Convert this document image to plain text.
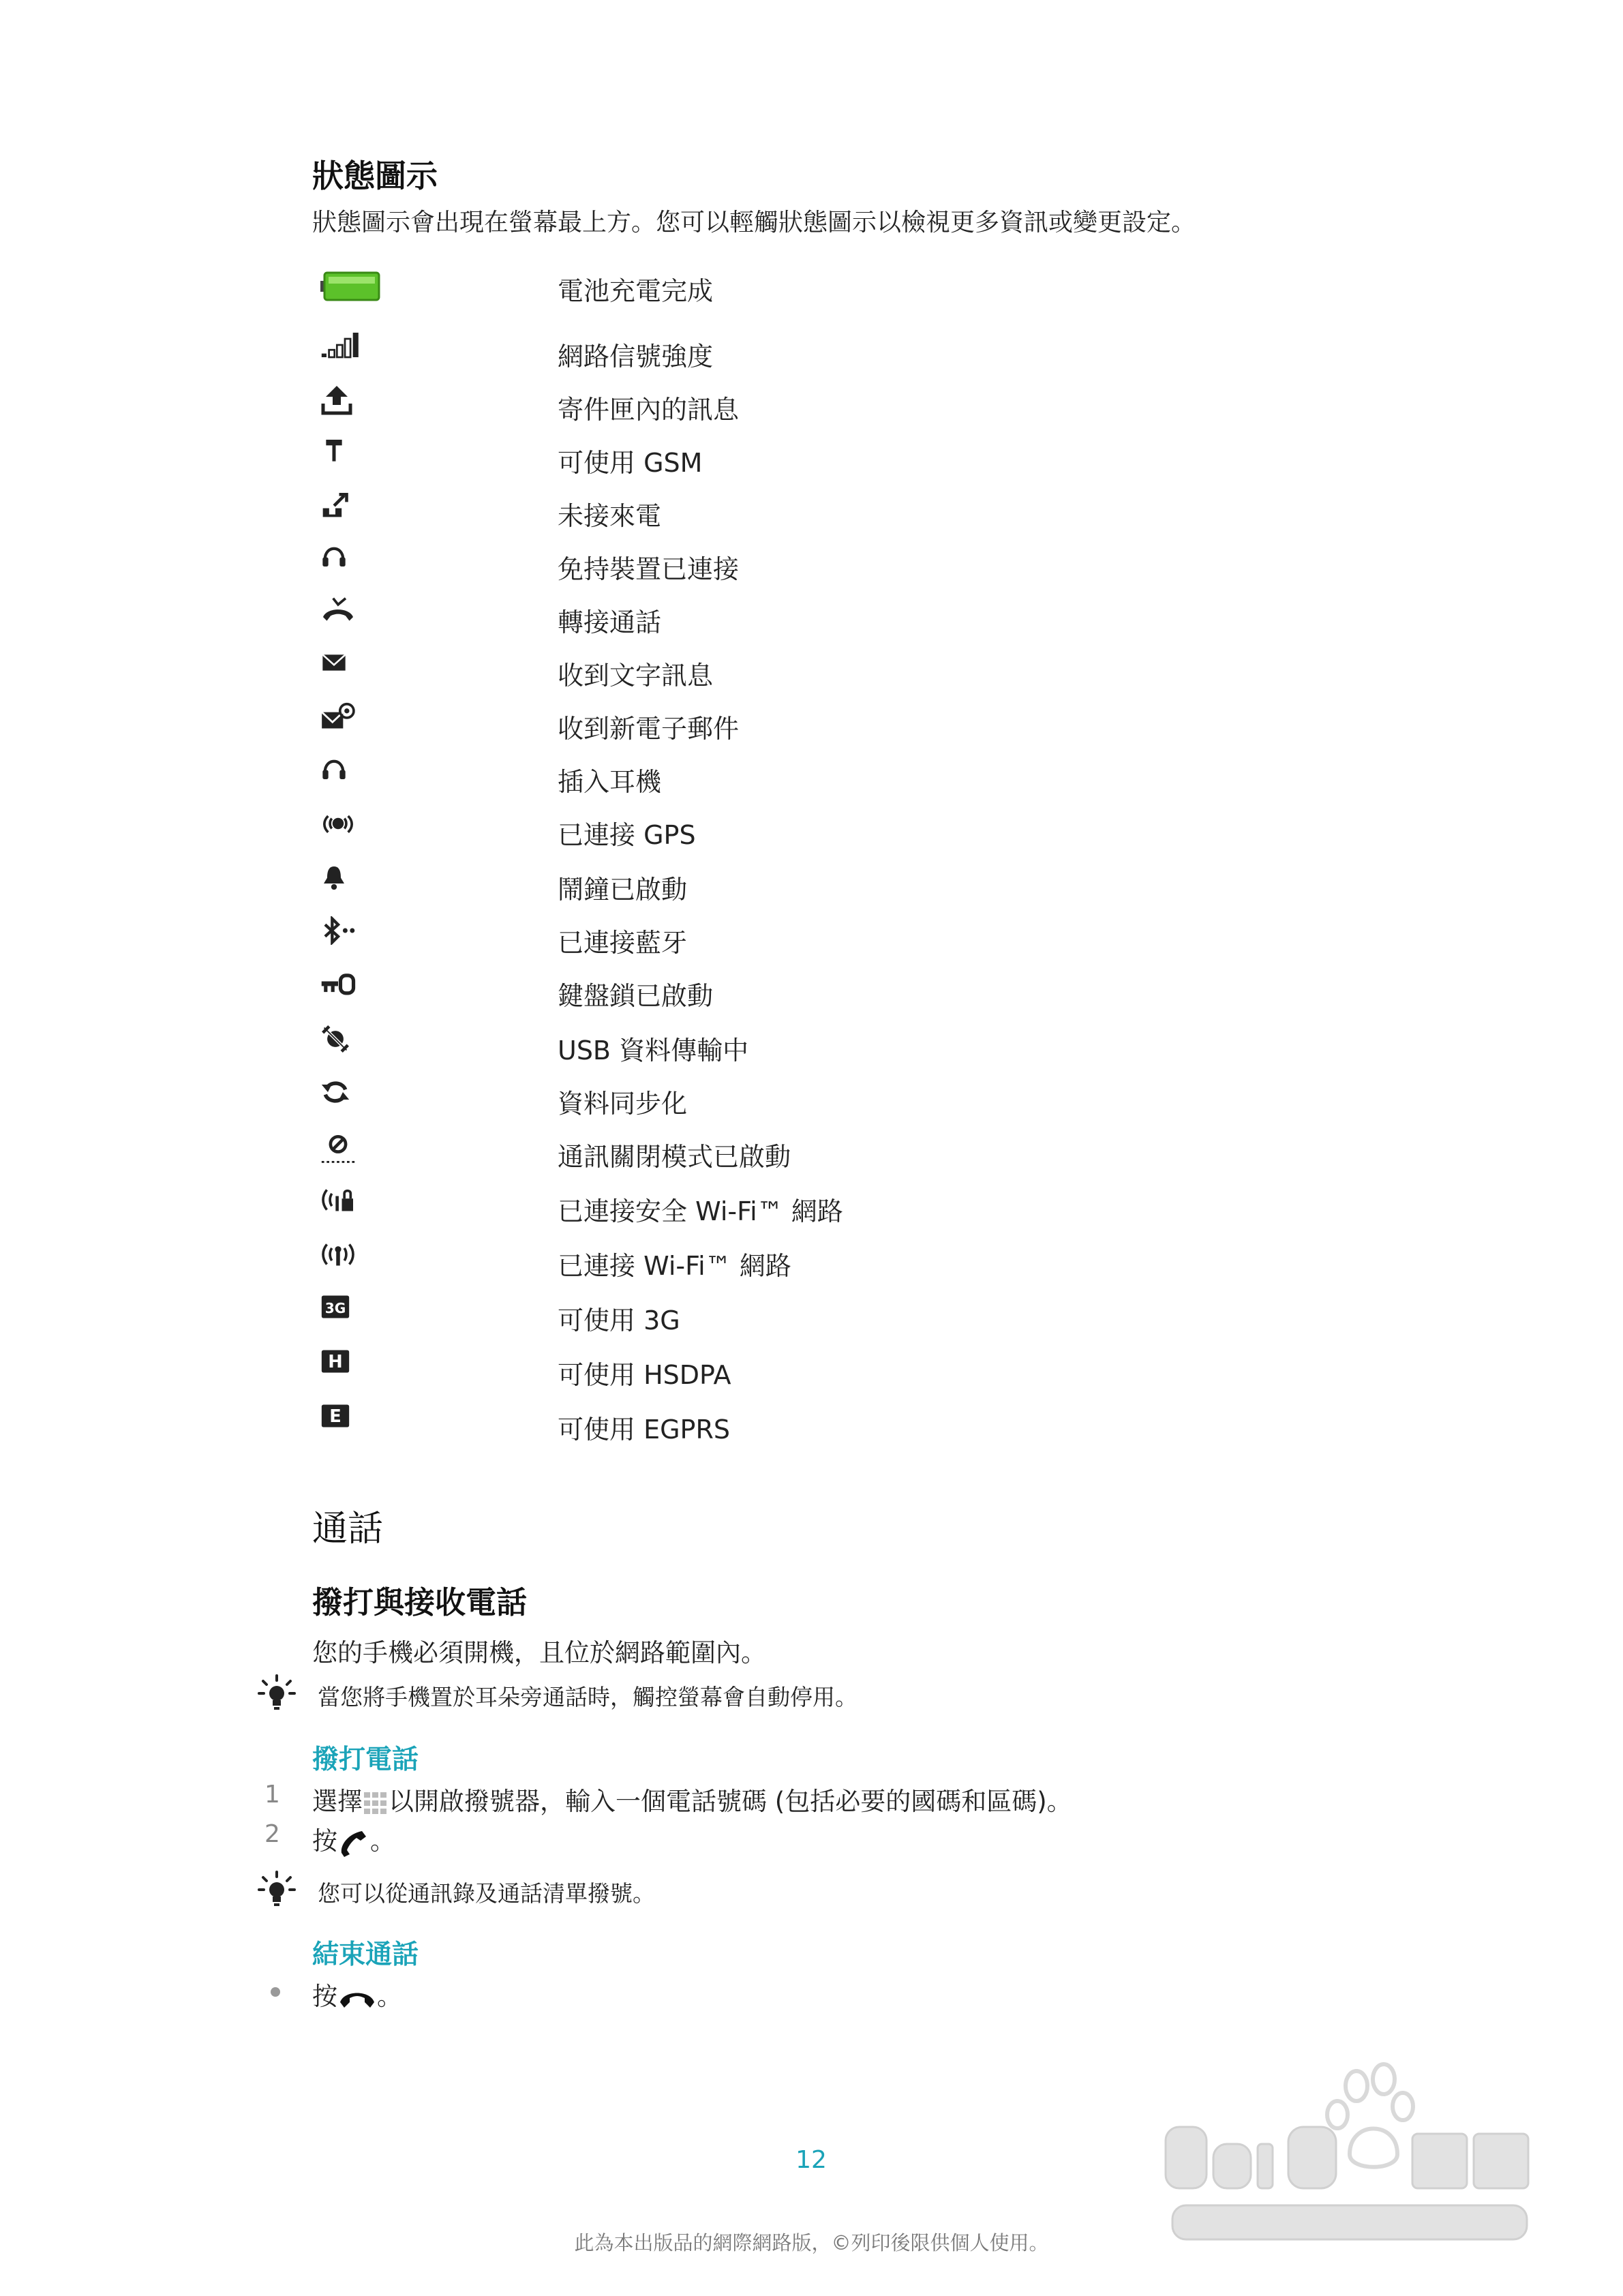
狀態圖示

狀態圖示會出現在螢幕最上方。您可以輕觸狀態圖示以檢視更多資訊或變更設定。

電池充電完成
網路信號強度
寄件匣內的訊息
可使用 GSM
未接來電
免持裝置已連接
轉接通話
收到文字訊息
收到新電子郵件
插入耳機
已連接 GPS
鬧鐘已啟動
已連接藍牙
鍵盤鎖已啟動
USB 資料傳輸中
資料同步化
通訊關閉模式已啟動
已連接安全 Wi-Fi™ 網路
已連接 Wi-Fi™ 網路
3G	可使用 3G
H	可使用 HSDPA
E	可使用 EGPRS
通話
撥打與接收電話

您的手機必須開機，且位於網路範圍內。

當您將手機置於耳朵旁通話時，觸控螢幕會自動停用。
撥打電話
1	選擇 以開啟撥號器，輸入一個電話號碼 (包括必要的國碼和區碼)。
2	按 。
您可以從通訊錄及通話清單撥號。
結束通話
按 。
12
此為本出版品的網際網路版，©列印後限供個人使用。
